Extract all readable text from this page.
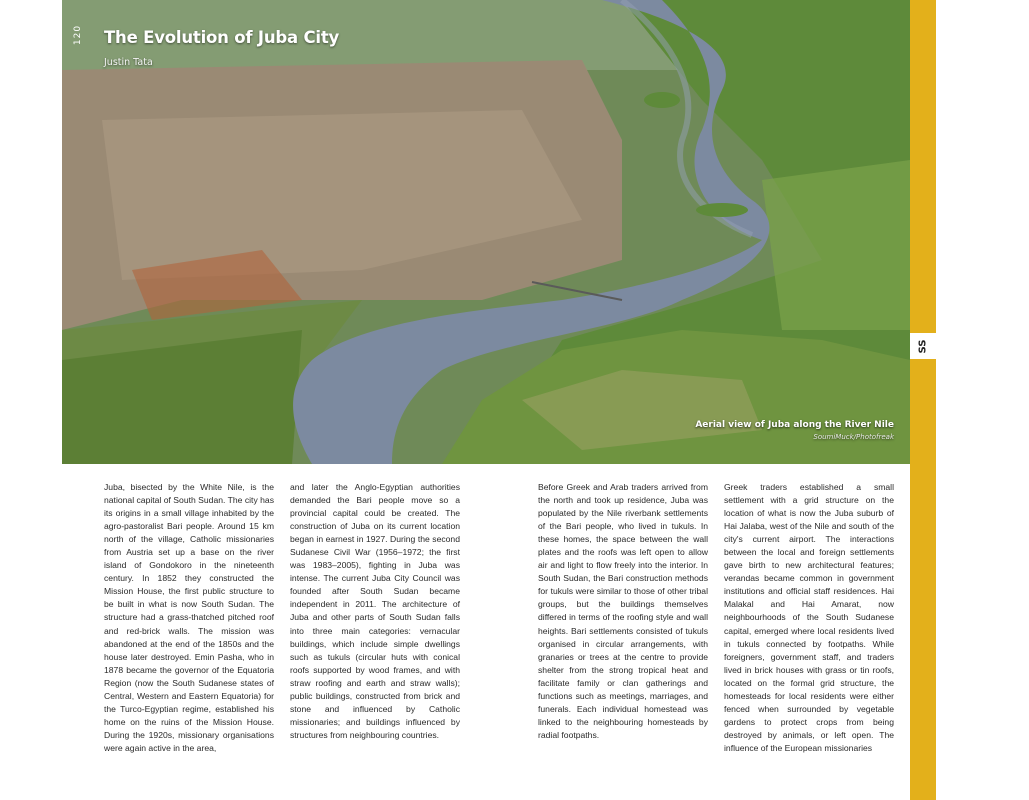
120 The Evolution of Juba City
Justin Tata
Aerial view of Juba along the River Nile
SoumiMuck/Photofreak
South Sudan
121
SS

Juba, bisected by the White Nile, is the national capital of South Sudan. The city has its origins in a small village inhabited by the agro-pastoralist Bari people. Around 15 km north of the village, Catholic missionaries from Austria set up a base on the river island of Gondokoro in the nineteenth century. In 1852 they constructed the Mission House, the first public structure to be built in what is now South Sudan. The structure had a grass-thatched pitched roof and red-brick walls. The mission was abandoned at the end of the 1850s and the house later destroyed. Emin Pasha, who in 1878 became the governor of the Equatoria Region (now the South Sudanese states of Central, Western and Eastern Equatoria) for the Turco-Egyptian regime, established his home on the ruins of the Mission House. During the 1920s, missionary organisations were again active in the area,

and later the Anglo-Egyptian authorities demanded the Bari people move so a provincial capital could be created. The construction of Juba on its current location began in earnest in 1927. During the second Sudanese Civil War (1956–1972; the first was 1983–2005), fighting in Juba was intense. The current Juba City Council was founded after South Sudan became independent in 2011. The architecture of Juba and other parts of South Sudan falls into three main categories: vernacular buildings, which include simple dwellings such as tukuls (circular huts with conical roofs supported by wood frames, and with straw roofing and earth and straw walls); public buildings, constructed from brick and stone and influenced by Catholic missionaries; and buildings influenced by structures from neighbouring countries.

Before Greek and Arab traders arrived from the north and took up residence, Juba was populated by the Nile riverbank settlements of the Bari people, who lived in tukuls. In these homes, the space between the wall plates and the roofs was left open to allow air and light to flow freely into the interior. In South Sudan, the Bari construction methods for tukuls were similar to those of other tribal groups, but the buildings themselves differed in terms of the roofing style and wall heights. Bari settlements consisted of tukuls organised in circular arrangements, with granaries or trees at the centre to provide shelter from the strong tropical heat and facilitate family or clan gatherings and functions such as meetings, marriages, and funerals. Each individual homestead was linked to the neighbouring homesteads by radial footpaths.

Greek traders established a small settlement with a grid structure on the location of what is now the Juba suburb of Hai Jalaba, west of the Nile and south of the city's current airport. The interactions between the local and foreign settlements gave birth to new architectural features; verandas became common in government institutions and official staff residences. Hai Malakal and Hai Amarat, now neighbourhoods of the South Sudanese capital, emerged where local residents lived in tukuls connected by footpaths. While foreigners, government staff, and traders lived in brick houses with grass or tin roofs, located on the formal grid structure, the homesteads for local residents were either fenced when surrounded by vegetable gardens to protect crops from being destroyed by animals, or left open. The influence of the European missionaries
